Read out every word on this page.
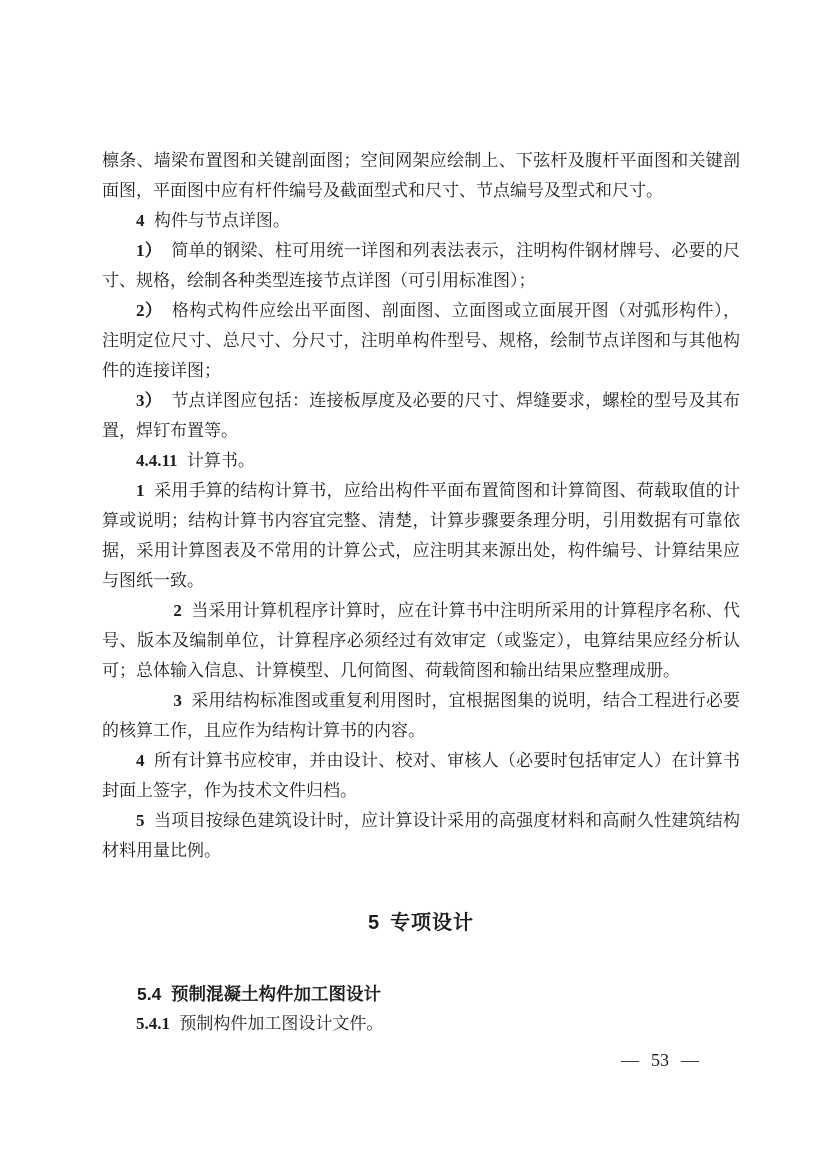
檩条、墙梁布置图和关键剖面图；空间网架应绘制上、下弦杆及腹杆平面图和关键剖面图，平面图中应有杆件编号及截面型式和尺寸、节点编号及型式和尺寸。

4 构件与节点详图。

1） 简单的钢梁、柱可用统一详图和列表法表示，注明构件钢材牌号、必要的尺寸、规格，绘制各种类型连接节点详图（可引用标准图）；

2） 格构式构件应绘出平面图、剖面图、立面图或立面展开图（对弧形构件），注明定位尺寸、总尺寸、分尺寸，注明单构件型号、规格，绘制节点详图和与其他构件的连接详图；

3） 节点详图应包括：连接板厚度及必要的尺寸、焊缝要求，螺栓的型号及其布置，焊钉布置等。

4.4.11 计算书。

1 采用手算的结构计算书，应给出构件平面布置简图和计算简图、荷载取值的计算或说明；结构计算书内容宜完整、清楚，计算步骤要条理分明，引用数据有可靠依据，采用计算图表及不常用的计算公式，应注明其来源出处，构件编号、计算结果应与图纸一致。

2 当采用计算机程序计算时，应在计算书中注明所采用的计算程序名称、代号、版本及编制单位，计算程序必须经过有效审定（或鉴定），电算结果应经分析认可；总体输入信息、计算模型、几何简图、荷载简图和输出结果应整理成册。

3 采用结构标准图或重复利用图时，宜根据图集的说明，结合工程进行必要的核算工作，且应作为结构计算书的内容。

4 所有计算书应校审，并由设计、校对、审核人（必要时包括审定人）在计算书封面上签字，作为技术文件归档。

5 当项目按绿色建筑设计时，应计算设计采用的高强度材料和高耐久性建筑结构材料用量比例。

5 专项设计
5.4 预制混凝土构件加工图设计

5.4.1 预制构件加工图设计文件。

— 53 —
